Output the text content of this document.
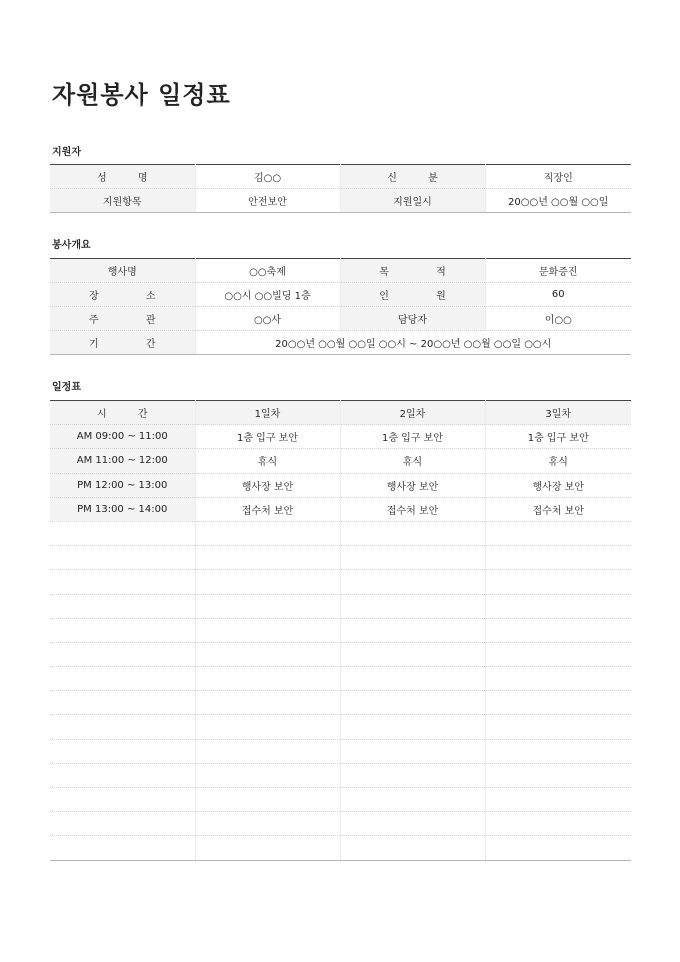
자원봉사 일정표
지원자
성 명	김○○	신 분	직장인
지원항목	안전보안	지원일시	20○○년 ○○월 ○○일
봉사개요
행사명	○○축제	목 적	문화증진
장 소	○○시 ○○빌딩 1층	인 원	60
주 관	○○사	담당자	이○○
기 간	20○○년 ○○월 ○○일 ○○시 ~ 20○○년 ○○월 ○○일 ○○시		
일정표
시 간	1일차	2일차	3일차
AM 09:00 ~ 11:00	1층 입구 보안	1층 입구 보안	1층 입구 보안
AM 11:00 ~ 12:00	휴식	휴식	휴식
PM 12:00 ~ 13:00	행사장 보안	행사장 보안	행사장 보안
PM 13:00 ~ 14:00	접수처 보안	접수처 보안	접수처 보안
